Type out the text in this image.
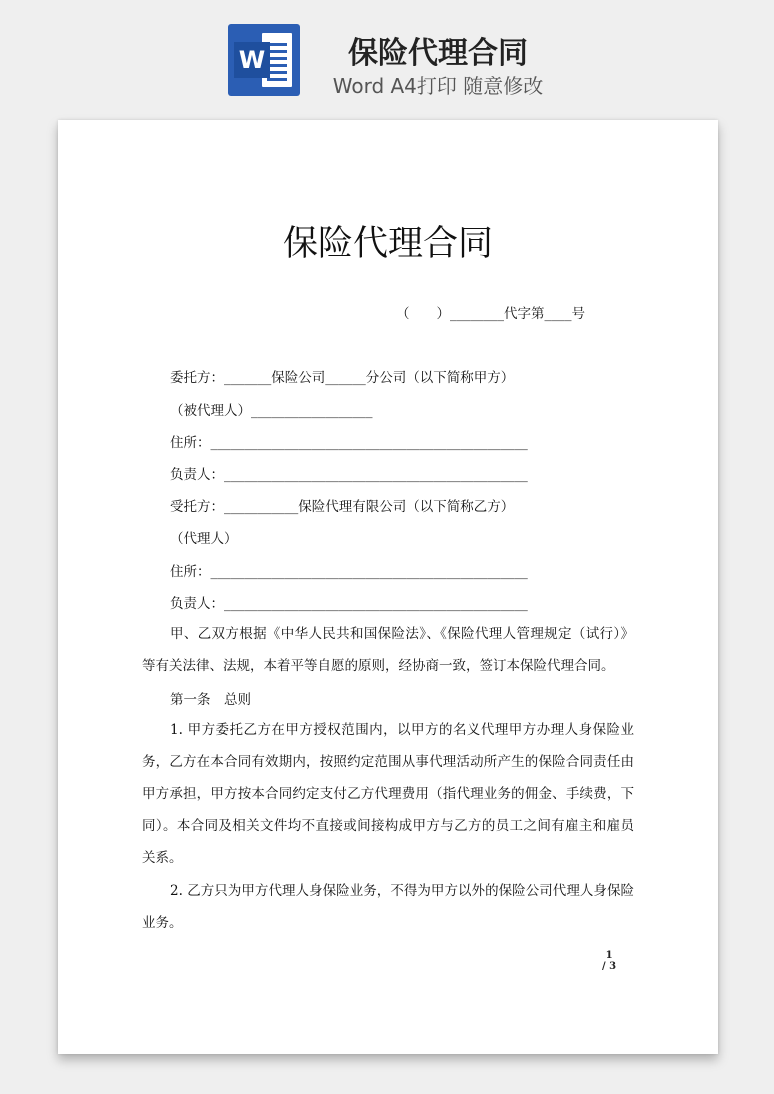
W	保险代理合同
Word A4打印 随意修改
保险代理合同
（　　）________代字第____号
委托方：_______保险公司______分公司（以下简称甲方）
（被代理人）__________________
住所：_______________________________________________
负责人：_____________________________________________
受托方：___________保险代理有限公司（以下简称乙方）
（代理人）
住所：_______________________________________________
负责人：_____________________________________________
甲、乙双方根据《中华人民共和国保险法》、《保险代理人管理规定（试行）》等有关法律、法规，本着平等自愿的原则，经协商一致，签订本保险代理合同。
第一条　总则
1. 甲方委托乙方在甲方授权范围内，以甲方的名义代理甲方办理人身保险业务，乙方在本合同有效期内，按照约定范围从事代理活动所产生的保险合同责任由甲方承担，甲方按本合同约定支付乙方代理费用（指代理业务的佣金、手续费，下同）。本合同及相关文件均不直接或间接构成甲方与乙方的员工之间有雇主和雇员关系。
2. 乙方只为甲方代理人身保险业务，不得为甲方以外的保险公司代理人身保险业务。
1
/ 3
